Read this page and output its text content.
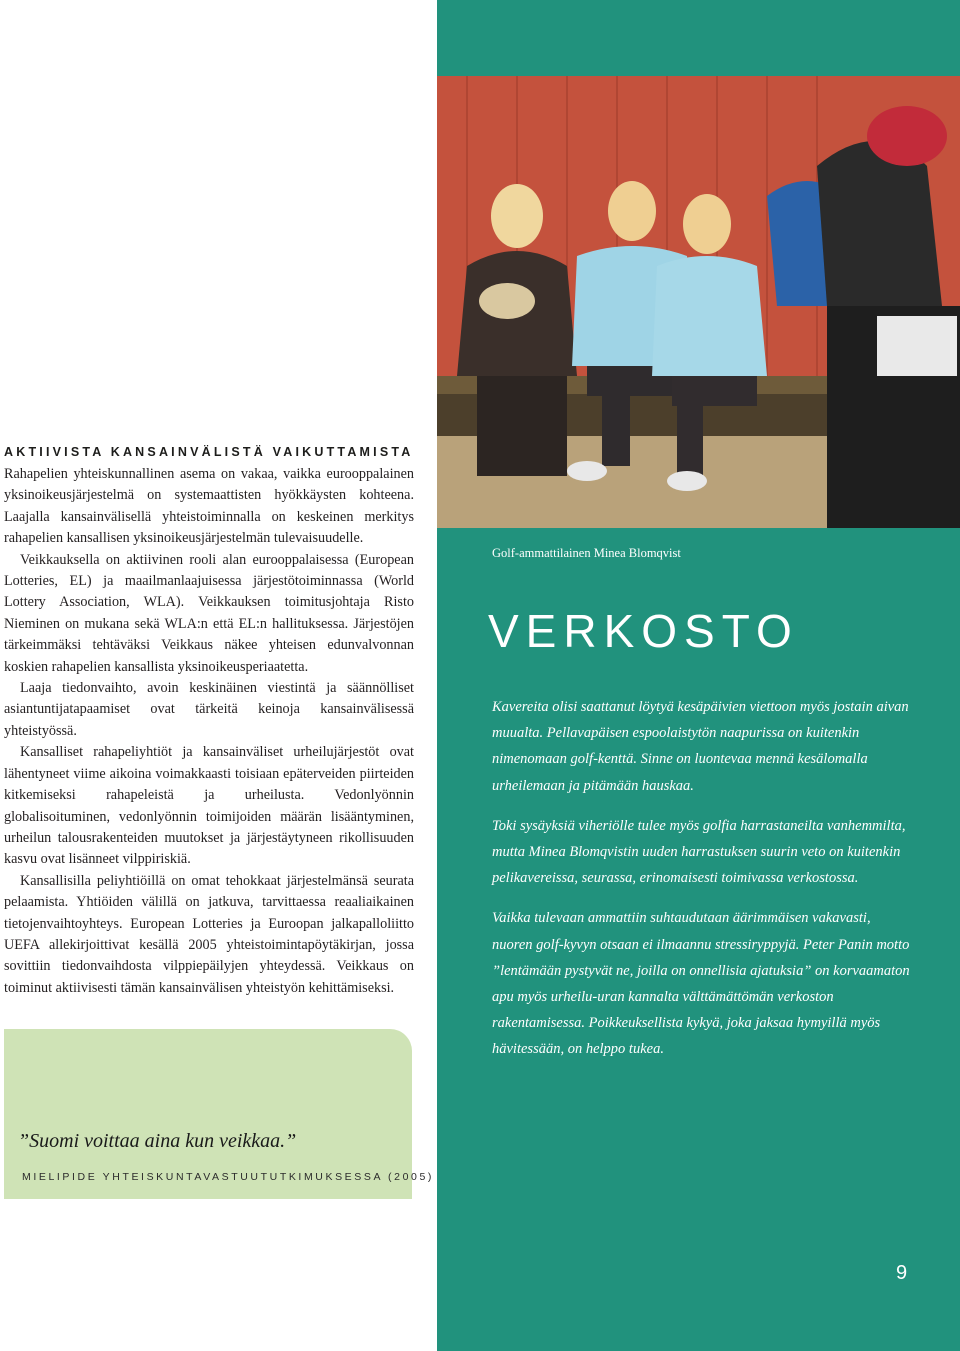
AKTIIVISTA KANSAINVÄLISTÄ VAIKUTTAMISTA

Rahapelien yhteiskunnallinen asema on vakaa, vaikka eurooppalainen yksinoikeusjärjestelmä on systemaattisten hyökkäysten kohteena. Laajalla kansainvälisellä yhteistoiminnalla on keskeinen merkitys rahapelien kansallisen yksinoikeusjärjestelmän tulevaisuudelle.

Veikkauksella on aktiivinen rooli alan eurooppalaisessa (European Lotteries, EL) ja maailmanlaajuisessa järjestötoiminnassa (World Lottery Association, WLA). Veikkauksen toimitusjohtaja Risto Nieminen on mukana sekä WLA:n että EL:n hallituksessa. Järjestöjen tärkeimmäksi tehtäväksi Veikkaus näkee yhteisen edunvalvonnan koskien rahapelien kansallista yksinoikeusperiaatetta.

Laaja tiedonvaihto, avoin keskinäinen viestintä ja säännölliset asiantuntijatapaamiset ovat tärkeitä keinoja kansainvälisessä yhteistyössä.

Kansalliset rahapeliyhtiöt ja kansainväliset urheilujärjestöt ovat lähentyneet viime aikoina voimakkaasti toisiaan epäterveiden piirteiden kitkemiseksi rahapeleistä ja urheilusta. Vedonlyönnin globalisoituminen, vedonlyönnin toimijoiden määrän lisääntyminen, urheilun talousrakenteiden muutokset ja järjestäytyneen rikollisuuden kasvu ovat lisänneet vilppiriskiä.

Kansallisilla peliyhtiöillä on omat tehokkaat järjestelmänsä seurata pelaamista. Yhtiöiden välillä on jatkuva, tarvittaessa reaaliaikainen tietojenvaihtoyhteys. European Lotteries ja Euroopan jalkapalloliitto UEFA allekirjoittivat kesällä 2005 yhteistoimintapöytäkirjan, jossa sovittiin tiedonvaihdosta vilppiepäilyjen yhteydessä. Veikkaus on toiminut aktiivisesti tämän kansainvälisen yhteistyön kehittämiseksi.

”Suomi voittaa aina kun veikkaa.”
MIELIPIDE YHTEISKUNTAVASTUUTUTKIMUKSESSA (2005)
Golf-ammattilainen Minea Blomqvist
VERKOSTO

Kavereita olisi saattanut löytyä kesäpäivien viettoon myös jostain aivan muualta. Pellavapäisen espoolaistytön naapurissa on kuitenkin nimenomaan golf-kenttä. Sinne on luontevaa mennä kesälomalla urheilemaan ja pitämään hauskaa.

Toki sysäyksiä viheriölle tulee myös golfia harrastaneilta vanhemmilta, mutta Minea Blomqvistin uuden harrastuksen suurin veto on kuitenkin pelikavereissa, seurassa, erinomaisesti toimivassa verkostossa.

Vaikka tulevaan ammattiin suhtaudutaan äärimmäisen vakavasti, nuoren golf-kyvyn otsaan ei ilmaannu stressiryppyjä. Peter Panin motto ”lentämään pystyvät ne, joilla on onnellisia ajatuksia” on korvaamaton apu myös urheilu-uran kannalta välttämättömän verkoston rakentamisessa. Poikkeuksellista kykyä, joka jaksaa hymyillä myös hävitessään, on helppo tukea.

9
